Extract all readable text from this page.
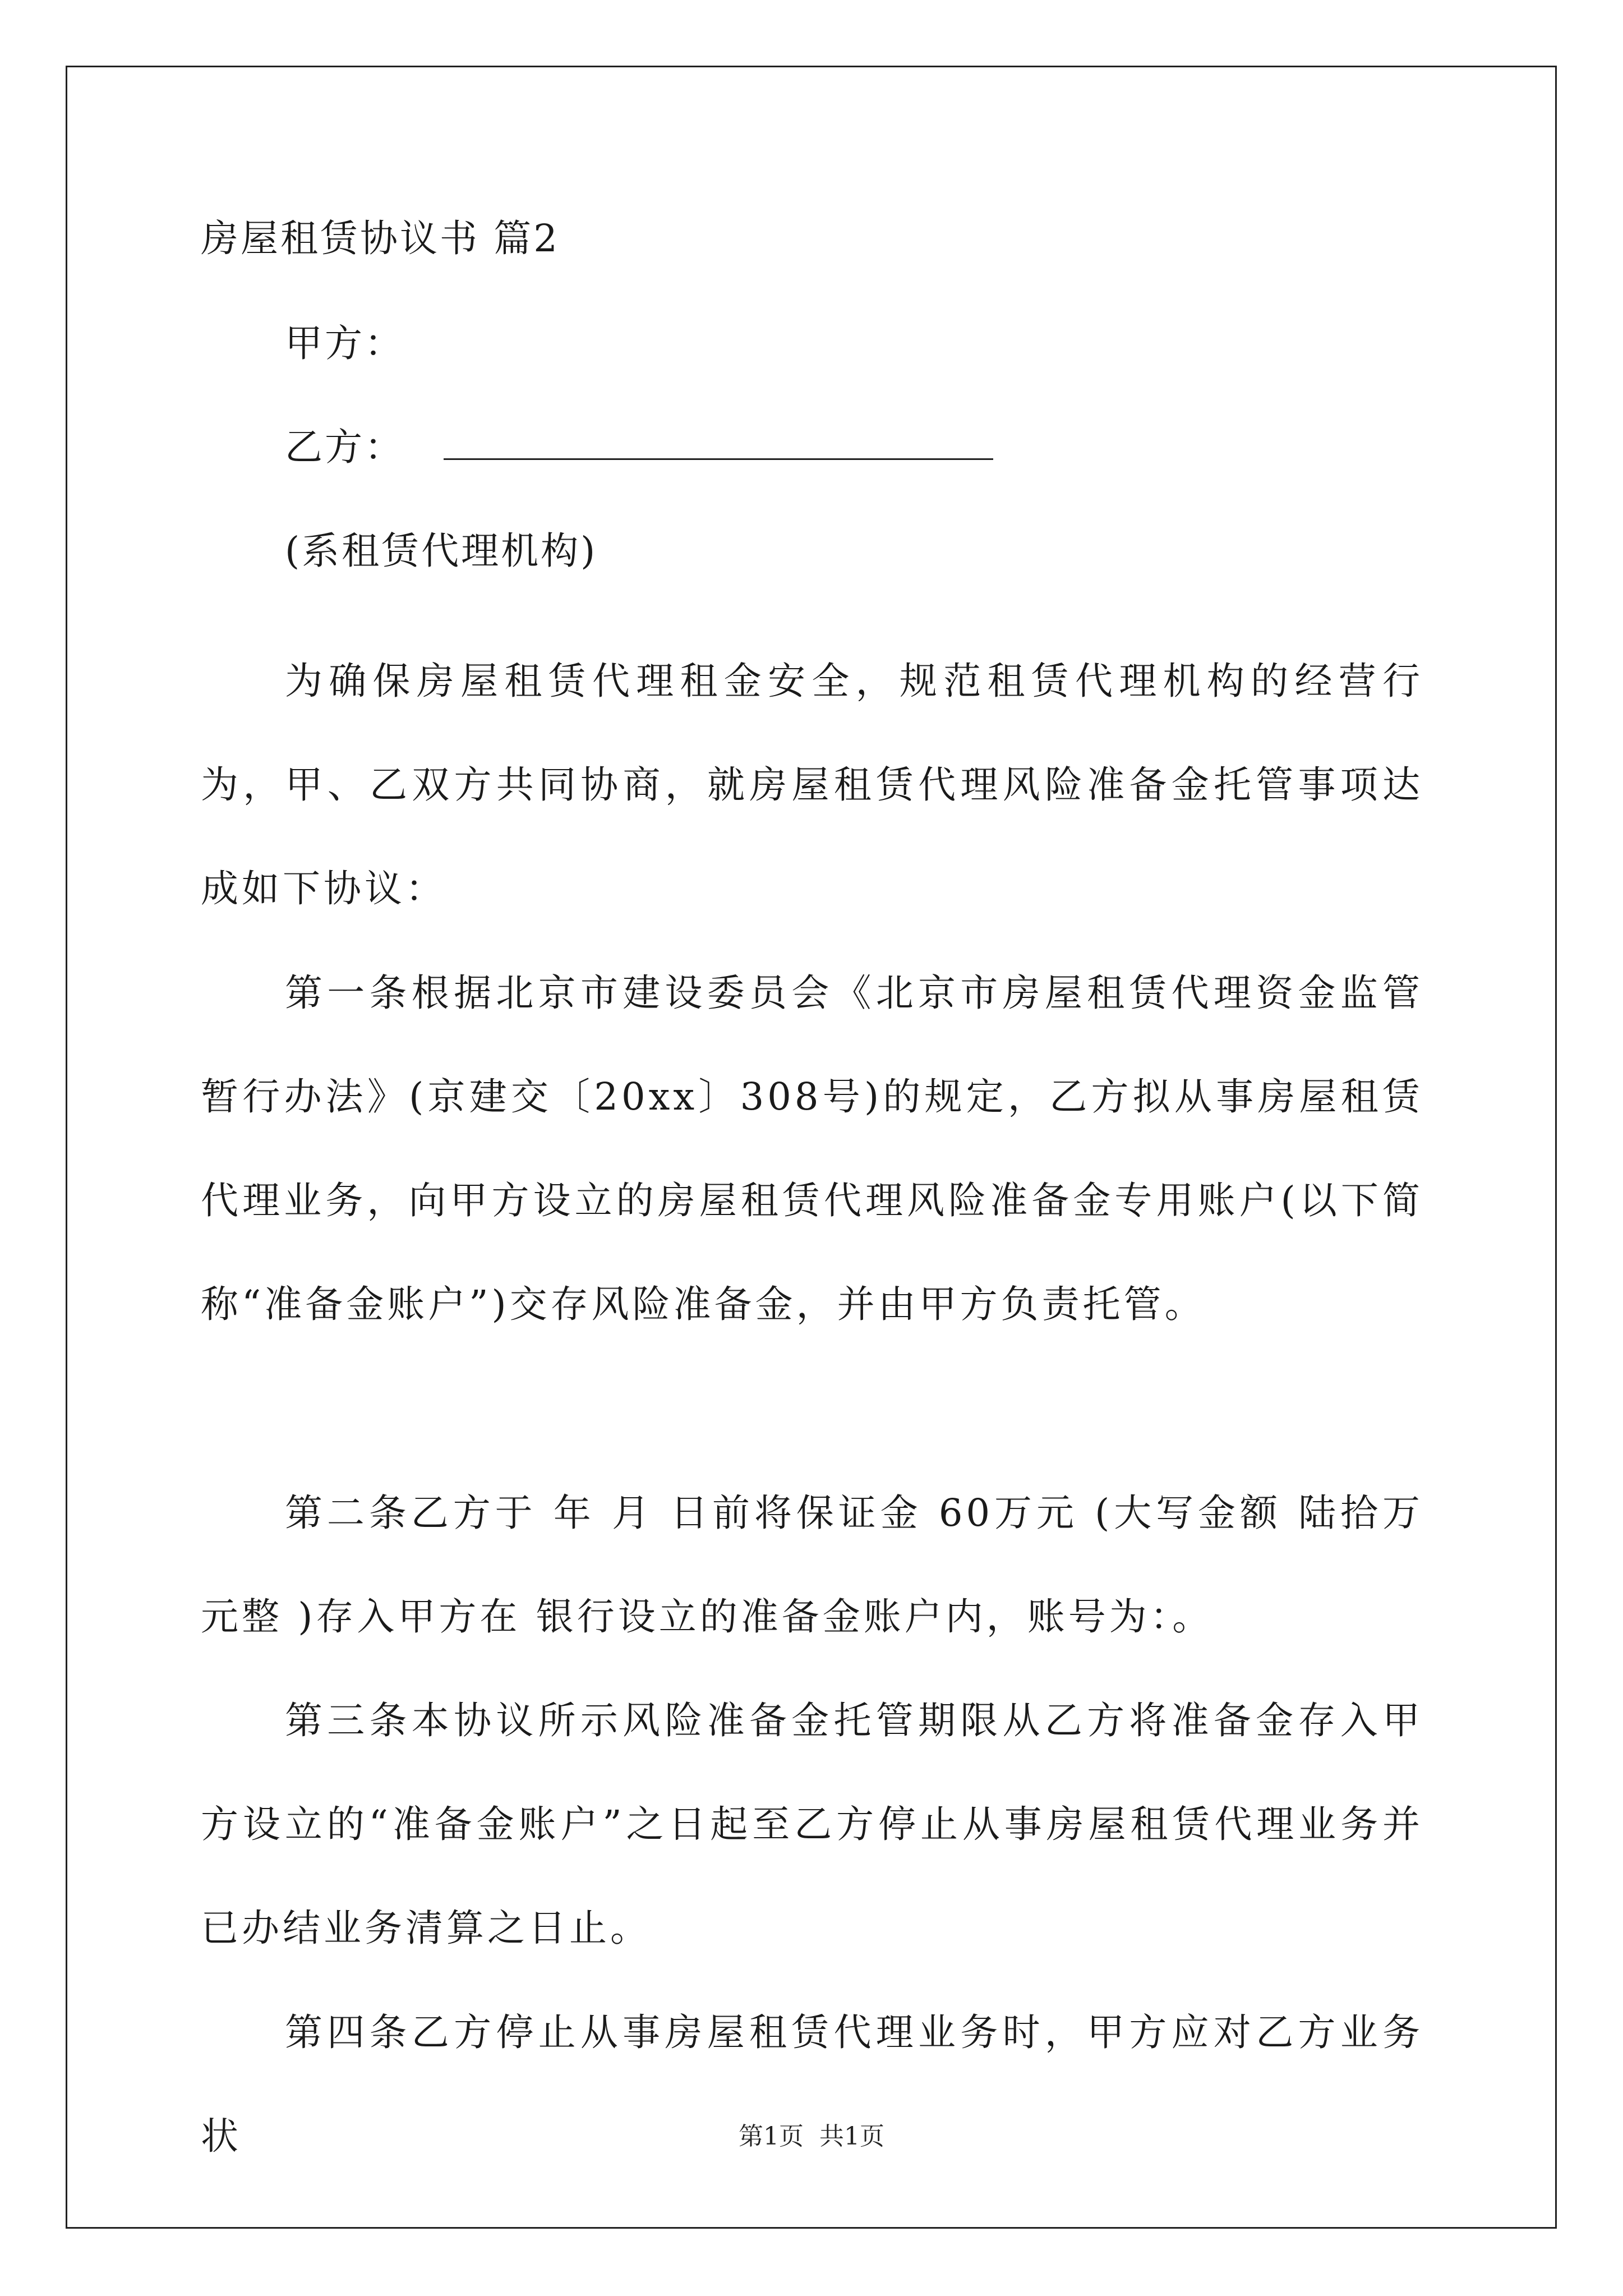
房屋租赁协议书 篇2

甲方：

乙方：

(系租赁代理机构)

为确保房屋租赁代理租金安全，规范租赁代理机构的经营行为，甲、乙双方共同协商，就房屋租赁代理风险准备金托管事项达成如下协议：

第一条根据北京市建设委员会《北京市房屋租赁代理资金监管暂行办法》(京建交〔20xx〕308号)的规定，乙方拟从事房屋租赁代理业务，向甲方设立的房屋租赁代理风险准备金专用账户(以下简称“准备金账户”)交存风险准备金，并由甲方负责托管。

第二条乙方于 年 月 日前将保证金 60万元 (大写金额 陆拾万元整 )存入甲方在 银行设立的准备金账户内，账号为：。

第三条本协议所示风险准备金托管期限从乙方将准备金存入甲方设立的“准备金账户”之日起至乙方停止从事房屋租赁代理业务并已办结业务清算之日止。

第四条乙方停止从事房屋租赁代理业务时，甲方应对乙方业务状	第1页 共1页
